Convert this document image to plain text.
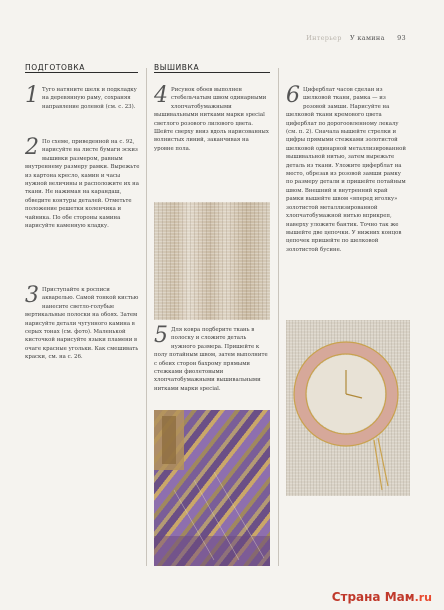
Интерьер У камина 93
ПОДГОТОВКА
1 Туго натяните шелк и подкладку на деревянную раму, сохраняя направление долевой (см. с. 23).
2 По схеме, приведенной на с. 92, нарисуйте на листе бумаги эскиз вышивки размером, равным внутреннему размеру рамки. Вырежьте из картона кресло, камин и часы нужной величины и расположите их на ткани. Не нажимая на карандаш, обведите контуры деталей. Отметьте положение решетки коленчика и чайника. По обе стороны камина нарисуйте каменную кладку.
3 Приступайте к росписи акварелью. Самой тонкой кистью нанесите светло-голубые вертикальные полоски на обоях. Затем нарисуйте детали чугунного камина в серых тонах (см. фото). Маленькой кисточкой нарисуйте языки пламени в очаге красные угольки. Как смешивать краски, см. на с. 26.
ВЫШИВКА
4 Рисунок обоев выполнен стебельчатым швом одинарными хлопчатобумажными вышивальными нитками марки special светлого розового лилового цвета. Шейте сверху вниз вдоль нарисованных волнистых линий, заканчивая на уровне пола.
5 Для ковра подберите ткань в полоску и сложите деталь нужного размера. Пришейте к полу потайным швом, затем выполните с обеих сторон бахрому прямыми стежками фиолетовыми хлопчатобумажными вышивальными нитками марки special.
6 Циферблат часов сделан из шелковой ткани, рамка — из розовой замши. Нарисуйте на шелковой ткани кремового цвета циферблат по дорогоовленному лекалу (см. п. 2). Сначала вышейте стрелки и цифры прямыми стежками золотистой шелковой одинарной металлизированной вышивальной нитью, затем вырежьте деталь из ткани. Уложите циферблат на место, обрезав из розовой замши рамку по размеру детали и пришейте потайным швом. Внешний и внутренний край рамки вышейте швом «вперед иголку» золотистой металлизированной хлопчатобумажной нитью вприкреп, наверху уложите бантик. Точно так же вышейте две цепочки. У нижних концов цепочек пришейте по шелковой золотистой бусине.
Страна Мам.ru
